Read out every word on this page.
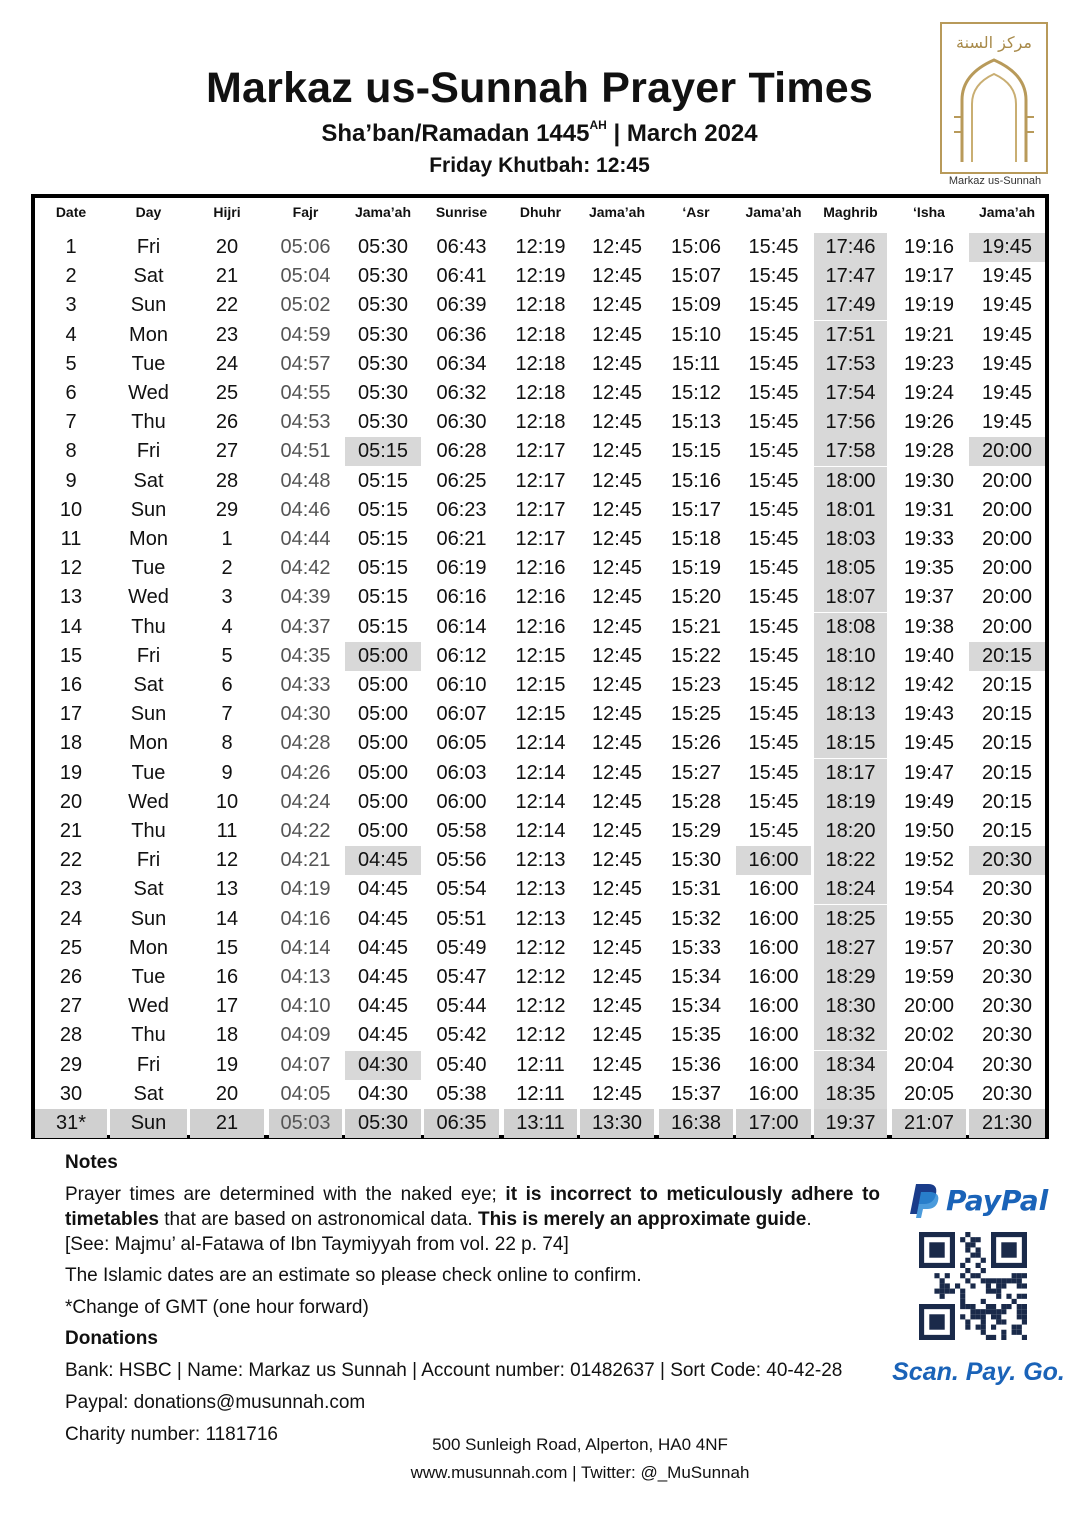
Markaz us-Sunnah Prayer Times
Sha’ban/Ramadan $1445^{AH}$ | March 2024
Friday Khutbah: 12:45
مركز السنة
Markaz us-Sunnah
Date
1
2
3
4
5
6
7
8
9
10
11
12
13
14
15
16
17
18
19
20
21
22
23
24
25
26
27
28
29
30
31*
Day
Fri
Sat
Sun
Mon
Tue
Wed
Thu
Fri
Sat
Sun
Mon
Tue
Wed
Thu
Fri
Sat
Sun
Mon
Tue
Wed
Thu
Fri
Sat
Sun
Mon
Tue
Wed
Thu
Fri
Sat
Sun
Hijri
20
21
22
23
24
25
26
27
28
29
1
2
3
4
5
6
7
8
9
10
11
12
13
14
15
16
17
18
19
20
21
Fajr
05:06
05:04
05:02
04:59
04:57
04:55
04:53
04:51
04:48
04:46
04:44
04:42
04:39
04:37
04:35
04:33
04:30
04:28
04:26
04:24
04:22
04:21
04:19
04:16
04:14
04:13
04:10
04:09
04:07
04:05
05:03
Jama’ah
05:30
05:30
05:30
05:30
05:30
05:30
05:30
05:15
05:15
05:15
05:15
05:15
05:15
05:15
05:00
05:00
05:00
05:00
05:00
05:00
05:00
04:45
04:45
04:45
04:45
04:45
04:45
04:45
04:30
04:30
05:30
Sunrise
06:43
06:41
06:39
06:36
06:34
06:32
06:30
06:28
06:25
06:23
06:21
06:19
06:16
06:14
06:12
06:10
06:07
06:05
06:03
06:00
05:58
05:56
05:54
05:51
05:49
05:47
05:44
05:42
05:40
05:38
06:35
Dhuhr
12:19
12:19
12:18
12:18
12:18
12:18
12:18
12:17
12:17
12:17
12:17
12:16
12:16
12:16
12:15
12:15
12:15
12:14
12:14
12:14
12:14
12:13
12:13
12:13
12:12
12:12
12:12
12:12
12:11
12:11
13:11
Jama’ah
12:45
12:45
12:45
12:45
12:45
12:45
12:45
12:45
12:45
12:45
12:45
12:45
12:45
12:45
12:45
12:45
12:45
12:45
12:45
12:45
12:45
12:45
12:45
12:45
12:45
12:45
12:45
12:45
12:45
12:45
13:30
‘Asr
15:06
15:07
15:09
15:10
15:11
15:12
15:13
15:15
15:16
15:17
15:18
15:19
15:20
15:21
15:22
15:23
15:25
15:26
15:27
15:28
15:29
15:30
15:31
15:32
15:33
15:34
15:34
15:35
15:36
15:37
16:38
Jama’ah
15:45
15:45
15:45
15:45
15:45
15:45
15:45
15:45
15:45
15:45
15:45
15:45
15:45
15:45
15:45
15:45
15:45
15:45
15:45
15:45
15:45
16:00
16:00
16:00
16:00
16:00
16:00
16:00
16:00
16:00
17:00
Maghrib
17:46
17:47
17:49
17:51
17:53
17:54
17:56
17:58
18:00
18:01
18:03
18:05
18:07
18:08
18:10
18:12
18:13
18:15
18:17
18:19
18:20
18:22
18:24
18:25
18:27
18:29
18:30
18:32
18:34
18:35
19:37
‘Isha
19:16
19:17
19:19
19:21
19:23
19:24
19:26
19:28
19:30
19:31
19:33
19:35
19:37
19:38
19:40
19:42
19:43
19:45
19:47
19:49
19:50
19:52
19:54
19:55
19:57
19:59
20:00
20:02
20:04
20:05
21:07
Jama’ah
19:45
19:45
19:45
19:45
19:45
19:45
19:45
20:00
20:00
20:00
20:00
20:00
20:00
20:00
20:15
20:15
20:15
20:15
20:15
20:15
20:15
20:30
20:30
20:30
20:30
20:30
20:30
20:30
20:30
20:30
21:30

Notes

Prayer times are determined with the naked eye; it is incorrect to meticulously adhere to timetables that are based on astronomical data. This is merely an approximate guide.

[See: Majmu’ al-Fatawa of Ibn Taymiyyah from vol. 22 p. 74]

The Islamic dates are an estimate so please check online to confirm.

*Change of GMT (one hour forward)

Donations

Bank: HSBC | Name: Markaz us Sunnah | Account number: 01482637 | Sort Code: 40-42-28

Paypal: donations@musunnah.com

Charity number: 1181716

PayPal
Scan. Pay. Go.
500 Sunleigh Road, Alperton, HA0 4NF
www.musunnah.com | Twitter: @_MuSunnah
